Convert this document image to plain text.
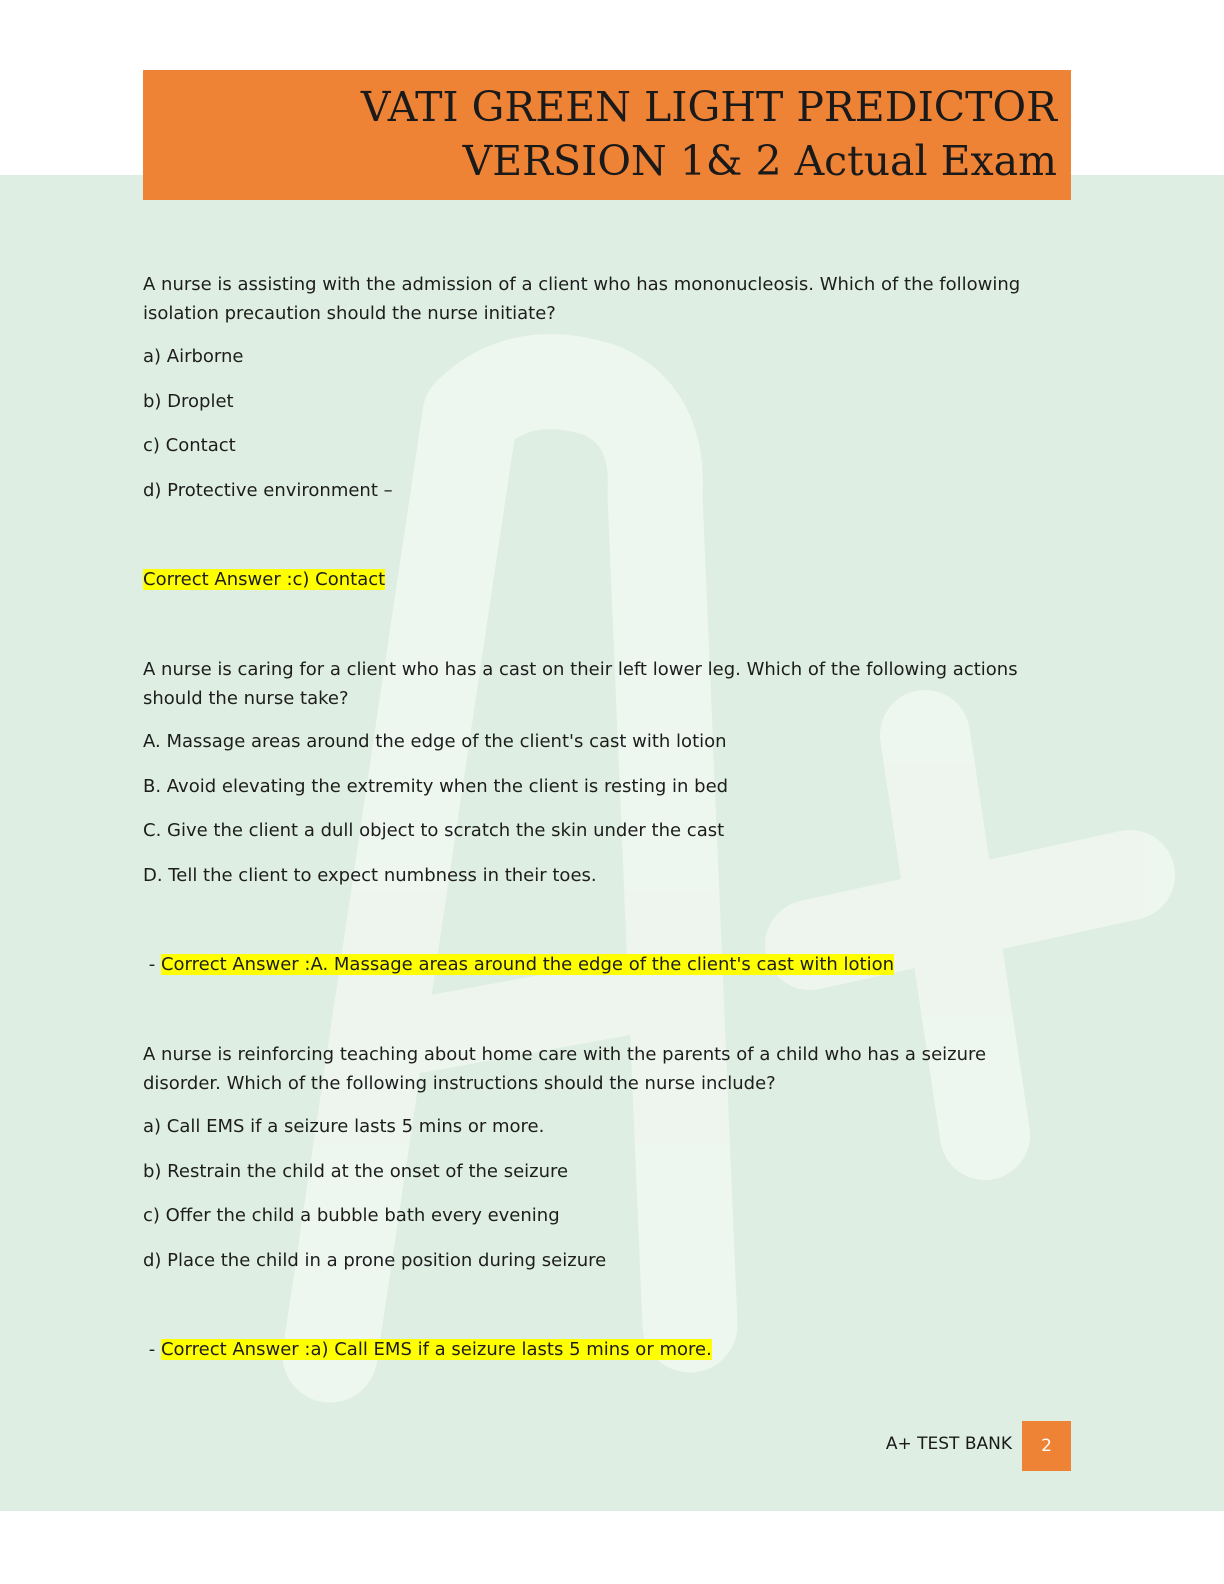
VATI GREEN LIGHT PREDICTOR
VERSION 1& 2 Actual Exam
A nurse is assisting with the admission of a client who has mononucleosis. Which of the following isolation precaution should the nurse initiate?
a) Airborne
b) Droplet
c) Contact
d) Protective environment –
Correct Answer :c) Contact
A nurse is caring for a client who has a cast on their left lower leg. Which of the following actions should the nurse take?
A. Massage areas around the edge of the client's cast with lotion
B. Avoid elevating the extremity when the client is resting in bed
C. Give the client a dull object to scratch the skin under the cast
D. Tell the client to expect numbness in their toes.
- Correct Answer :A. Massage areas around the edge of the client's cast with lotion
A nurse is reinforcing teaching about home care with the parents of a child who has a seizure disorder. Which of the following instructions should the nurse include?
a) Call EMS if a seizure lasts 5 mins or more.
b) Restrain the child at the onset of the seizure
c) Offer the child a bubble bath every evening
d) Place the child in a prone position during seizure
- Correct Answer :a) Call EMS if a seizure lasts 5 mins or more.
A+ TEST BANK	2
